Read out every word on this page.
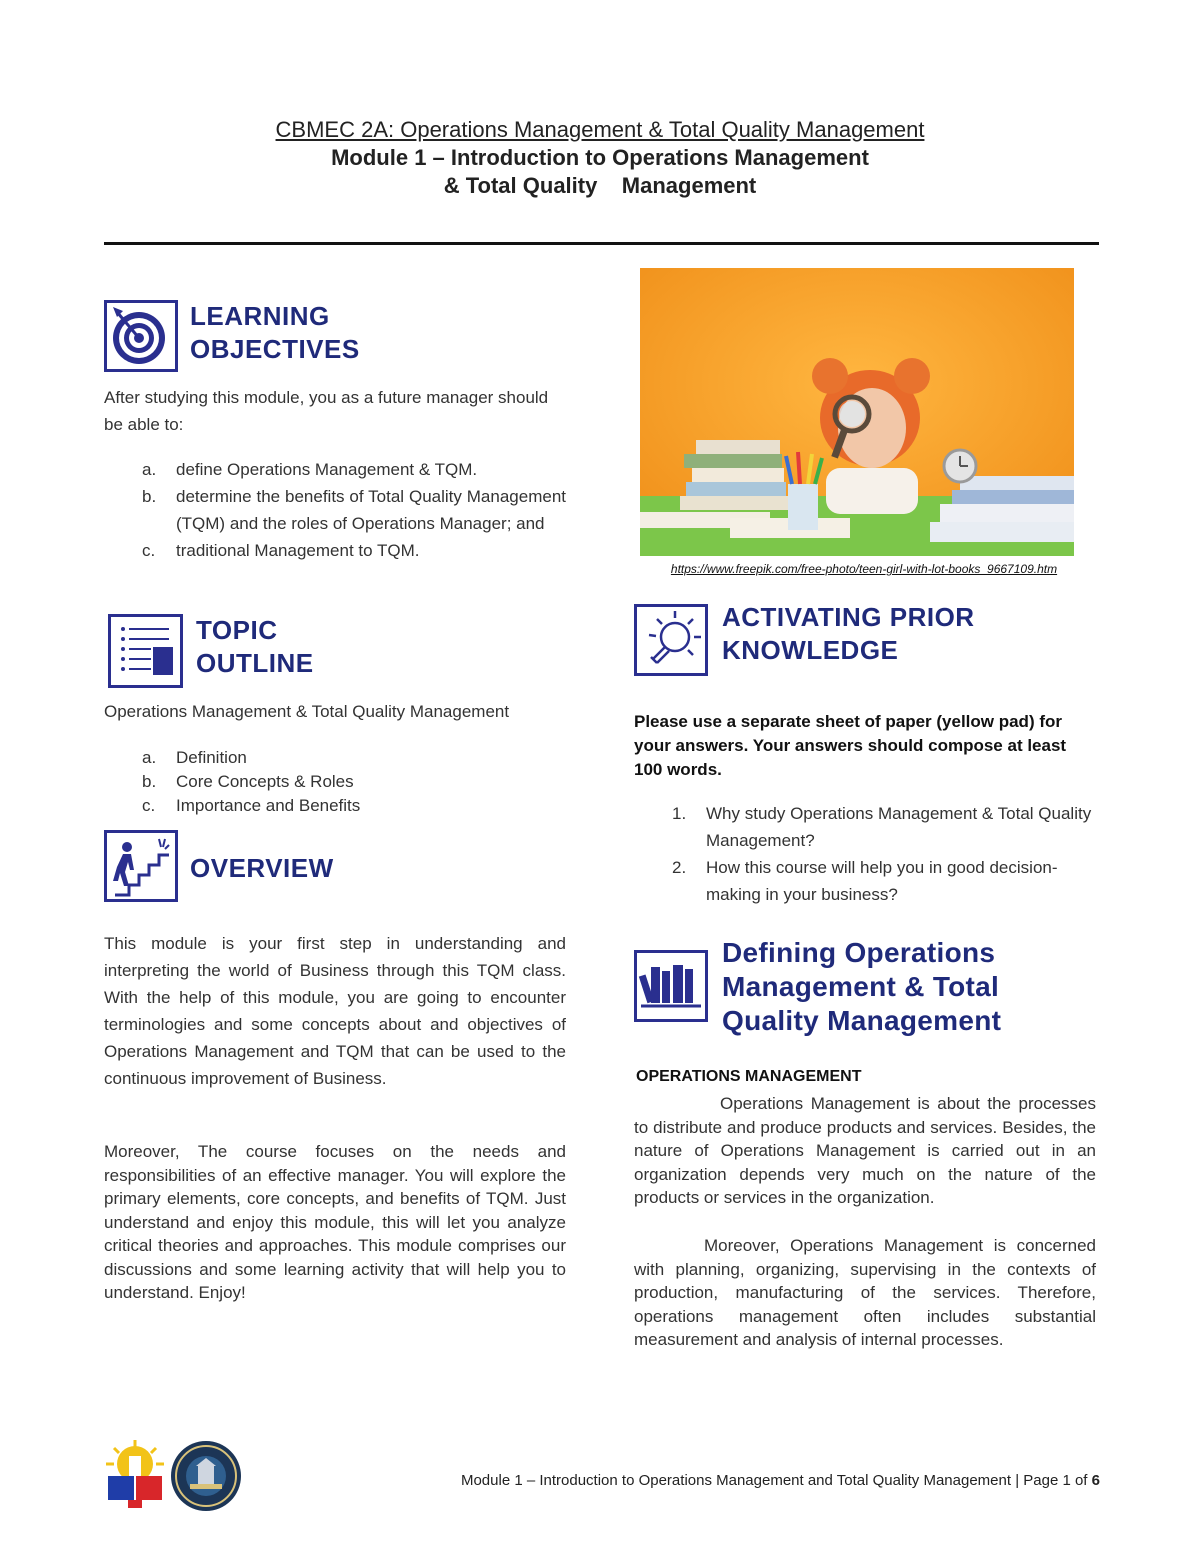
CBMEC 2A: Operations Management & Total Quality Management
Module 1 – Introduction to Operations Management
& Total Quality    Management
LEARNING
OBJECTIVES
After studying this module, you as a future manager should be able to:
a. define Operations Management & TQM.
b. determine the benefits of Total Quality Management (TQM) and the roles of Operations Manager; and
c. traditional Management to TQM.
TOPIC
OUTLINE
Operations Management & Total Quality Management
a. Definition
b. Core Concepts & Roles
c. Importance and Benefits
OVERVIEW
This module is your first step in understanding and interpreting the world of Business through this TQM class. With the help of this module, you are going to encounter terminologies and some concepts about and objectives of Operations Management and TQM that can be used to the continuous improvement of Business.
Moreover, The course focuses on the needs and responsibilities of an effective manager. You will explore the primary elements, core concepts, and benefits of TQM. Just understand and enjoy this module, this will let you analyze critical theories and approaches. This module comprises our discussions and some learning activity that will help you to understand. Enjoy!
https://www.freepik.com/free-photo/teen-girl-with-lot-books_9667109.htm
ACTIVATING PRIOR
KNOWLEDGE
Please use a separate sheet of paper (yellow pad) for your answers. Your answers should compose at least 100 words.
1. Why study Operations Management & Total Quality Management?
2. How this course will help you in good decision-making in your business?
Defining Operations
Management & Total
Quality Management
OPERATIONS MANAGEMENT
Operations Management is about the processes to distribute and produce products and services. Besides, the nature of Operations Management is carried out in an organization depends very much on the nature of the products or services in the organization.
Moreover, Operations Management is concerned with planning, organizing, supervising in the contexts of production, manufacturing of the services. Therefore, operations management often includes substantial measurement and analysis of internal processes.
Module 1 – Introduction to Operations Management and Total Quality Management | Page 1 of 6
